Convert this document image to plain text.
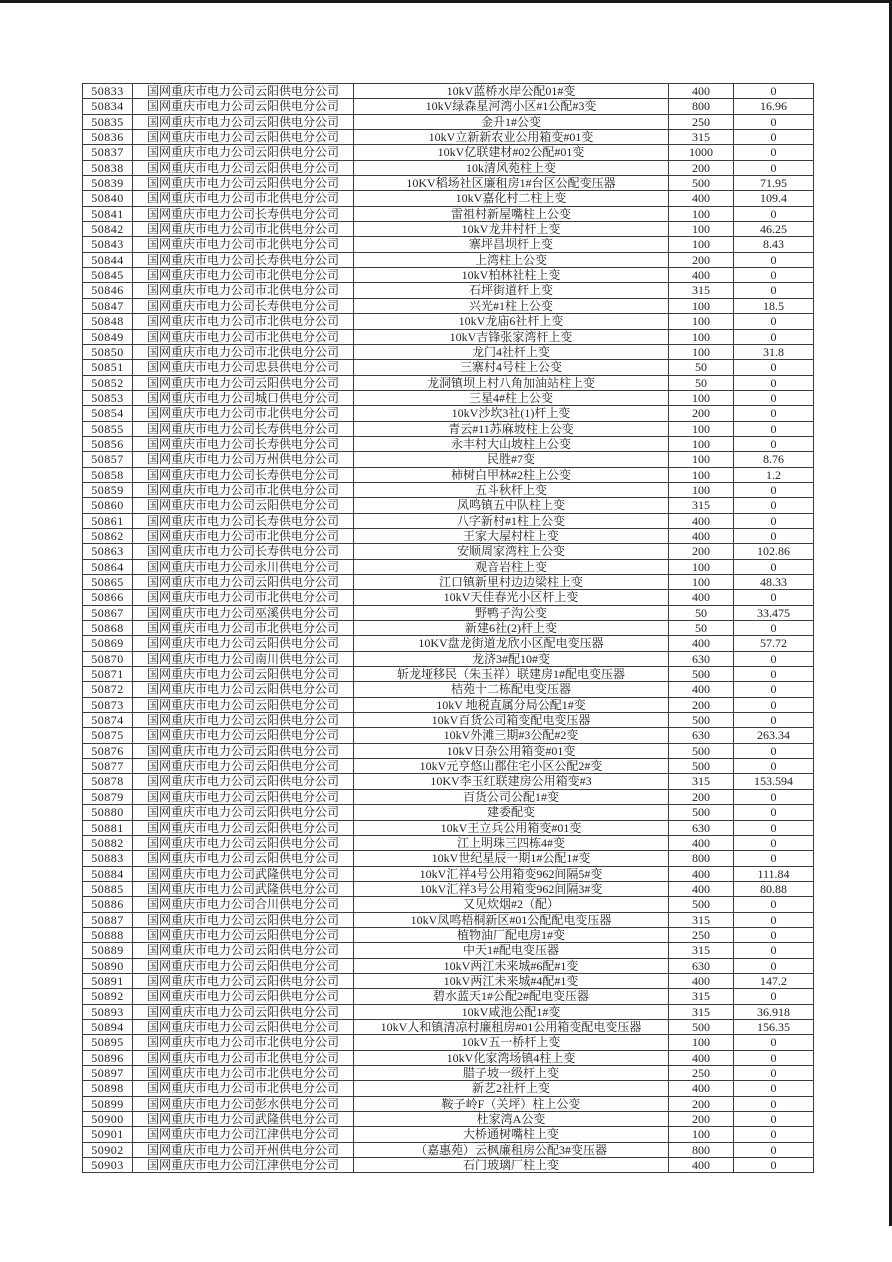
50833	国网重庆市电力公司云阳供电分公司	10kV蓝桥水岸公配01#变	400	0
50834	国网重庆市电力公司云阳供电分公司	10kV绿森星河湾小区#1公配#3变	800	16.96
50835	国网重庆市电力公司云阳供电分公司	金升1#公变	250	0
50836	国网重庆市电力公司云阳供电分公司	10kV立新新农业公用箱变#01变	315	0
50837	国网重庆市电力公司云阳供电分公司	10kV亿联建材#02公配#01变	1000	0
50838	国网重庆市电力公司云阳供电分公司	10k清风苑柱上变	200	0
50839	国网重庆市电力公司云阳供电分公司	10KV稻场社区廉租房1#台区公配变压器	500	71.95
50840	国网重庆市电力公司市北供电分公司	10kV嘉化村二柱上变	400	109.4
50841	国网重庆市电力公司长寿供电分公司	雷祖村新屋嘴柱上公变	100	0
50842	国网重庆市电力公司市北供电分公司	10kV龙井村杆上变	100	46.25
50843	国网重庆市电力公司市北供电分公司	寨坪昌坝杆上变	100	8.43
50844	国网重庆市电力公司长寿供电分公司	上湾柱上公变	200	0
50845	国网重庆市电力公司市北供电分公司	10kV柏林社柱上变	400	0
50846	国网重庆市电力公司市北供电分公司	石坪街道杆上变	315	0
50847	国网重庆市电力公司长寿供电分公司	兴光#1柱上公变	100	18.5
50848	国网重庆市电力公司市北供电分公司	10kV龙庙6社杆上变	100	0
50849	国网重庆市电力公司市北供电分公司	10kV吉锋张家湾杆上变	100	0
50850	国网重庆市电力公司市北供电分公司	龙门4社杆上变	100	31.8
50851	国网重庆市电力公司忠县供电分公司	三寨村4号柱上公变	50	0
50852	国网重庆市电力公司云阳供电分公司	龙洞镇坝上村八角加油站柱上变	50	0
50853	国网重庆市电力公司城口供电分公司	三星4#柱上公变	100	0
50854	国网重庆市电力公司市北供电分公司	10kV沙坎3社(1)杆上变	200	0
50855	国网重庆市电力公司长寿供电分公司	青云#11苏麻坡柱上公变	100	0
50856	国网重庆市电力公司长寿供电分公司	永丰村大山坡柱上公变	100	0
50857	国网重庆市电力公司万州供电分公司	民胜#7变	100	8.76
50858	国网重庆市电力公司长寿供电分公司	柿树白甲林#2柱上公变	100	1.2
50859	国网重庆市电力公司市北供电分公司	五斗秋杆上变	100	0
50860	国网重庆市电力公司云阳供电分公司	凤鸣镇五中队柱上变	315	0
50861	国网重庆市电力公司长寿供电分公司	八字新村#1柱上公变	400	0
50862	国网重庆市电力公司市北供电分公司	王家大屋村柱上变	400	0
50863	国网重庆市电力公司长寿供电分公司	安顺周家湾柱上公变	200	102.86
50864	国网重庆市电力公司永川供电分公司	观音岩柱上变	100	0
50865	国网重庆市电力公司云阳供电分公司	江口镇新里村边边梁柱上变	100	48.33
50866	国网重庆市电力公司市北供电分公司	10kV天佳春光小区杆上变	400	0
50867	国网重庆市电力公司巫溪供电分公司	野鸭子沟公变	50	33.475
50868	国网重庆市电力公司市北供电分公司	新建6社(2)杆上变	50	0
50869	国网重庆市电力公司云阳供电分公司	10KV盘龙街道龙欣小区配电变压器	400	57.72
50870	国网重庆市电力公司南川供电分公司	龙济3#配10#变	630	0
50871	国网重庆市电力公司云阳供电分公司	斩龙垭移民（朱玉祥）联建房1#配电变压器	500	0
50872	国网重庆市电力公司云阳供电分公司	桔苑十二栋配电变压器	400	0
50873	国网重庆市电力公司云阳供电分公司	10kV 地税直属分局公配1#变	200	0
50874	国网重庆市电力公司云阳供电分公司	10kV百货公司箱变配电变压器	500	0
50875	国网重庆市电力公司云阳供电分公司	10kV外滩三期#3公配#2变	630	263.34
50876	国网重庆市电力公司云阳供电分公司	10kV日杂公用箱变#01变	500	0
50877	国网重庆市电力公司云阳供电分公司	10kV元亨悠山郡住宅小区公配2#变	500	0
50878	国网重庆市电力公司云阳供电分公司	10KV李玉红联建房公用箱变#3	315	153.594
50879	国网重庆市电力公司云阳供电分公司	百货公司公配1#变	200	0
50880	国网重庆市电力公司云阳供电分公司	建委配变	500	0
50881	国网重庆市电力公司云阳供电分公司	10kV王立兵公用箱变#01变	630	0
50882	国网重庆市电力公司云阳供电分公司	江上明珠三四栋4#变	400	0
50883	国网重庆市电力公司云阳供电分公司	10kV世纪星辰一期1#公配1#变	800	0
50884	国网重庆市电力公司武隆供电分公司	10kV汇祥4号公用箱变962间隔5#变	400	111.84
50885	国网重庆市电力公司武隆供电分公司	10kV汇祥3号公用箱变962间隔3#变	400	80.88
50886	国网重庆市电力公司合川供电分公司	又见炊烟#2（配）	500	0
50887	国网重庆市电力公司云阳供电分公司	10kV凤鸣梧桐新区#01公配配电变压器	315	0
50888	国网重庆市电力公司云阳供电分公司	植物油厂配电房1#变	250	0
50889	国网重庆市电力公司云阳供电分公司	中天1#配电变压器	315	0
50890	国网重庆市电力公司云阳供电分公司	10kV两江未来城#6配#1变	630	0
50891	国网重庆市电力公司云阳供电分公司	10kV两江未来城#4配#1变	400	147.2
50892	国网重庆市电力公司云阳供电分公司	碧水蓝天1#公配2#配电变压器	315	0
50893	国网重庆市电力公司云阳供电分公司	10kV咸池公配1#变	315	36.918
50894	国网重庆市电力公司云阳供电分公司	10kV人和镇清凉村廉租房#01公用箱变配电变压器	500	156.35
50895	国网重庆市电力公司市北供电分公司	10kV五一桥杆上变	100	0
50896	国网重庆市电力公司市北供电分公司	10kV化家湾场镇4柱上变	400	0
50897	国网重庆市电力公司市北供电分公司	腊子坡一级杆上变	250	0
50898	国网重庆市电力公司市北供电分公司	新艺2社杆上变	400	0
50899	国网重庆市电力公司彭水供电分公司	鞍子岭F（关坪）柱上公变	200	0
50900	国网重庆市电力公司武隆供电分公司	杜家湾A公变	200	0
50901	国网重庆市电力公司江津供电分公司	大桥通树嘴柱上变	100	0
50902	国网重庆市电力公司开州供电分公司	（嘉惠苑）云枫廉租房公配3#变压器	800	0
50903	国网重庆市电力公司江津供电分公司	石门玻璃厂柱上变	400	0
